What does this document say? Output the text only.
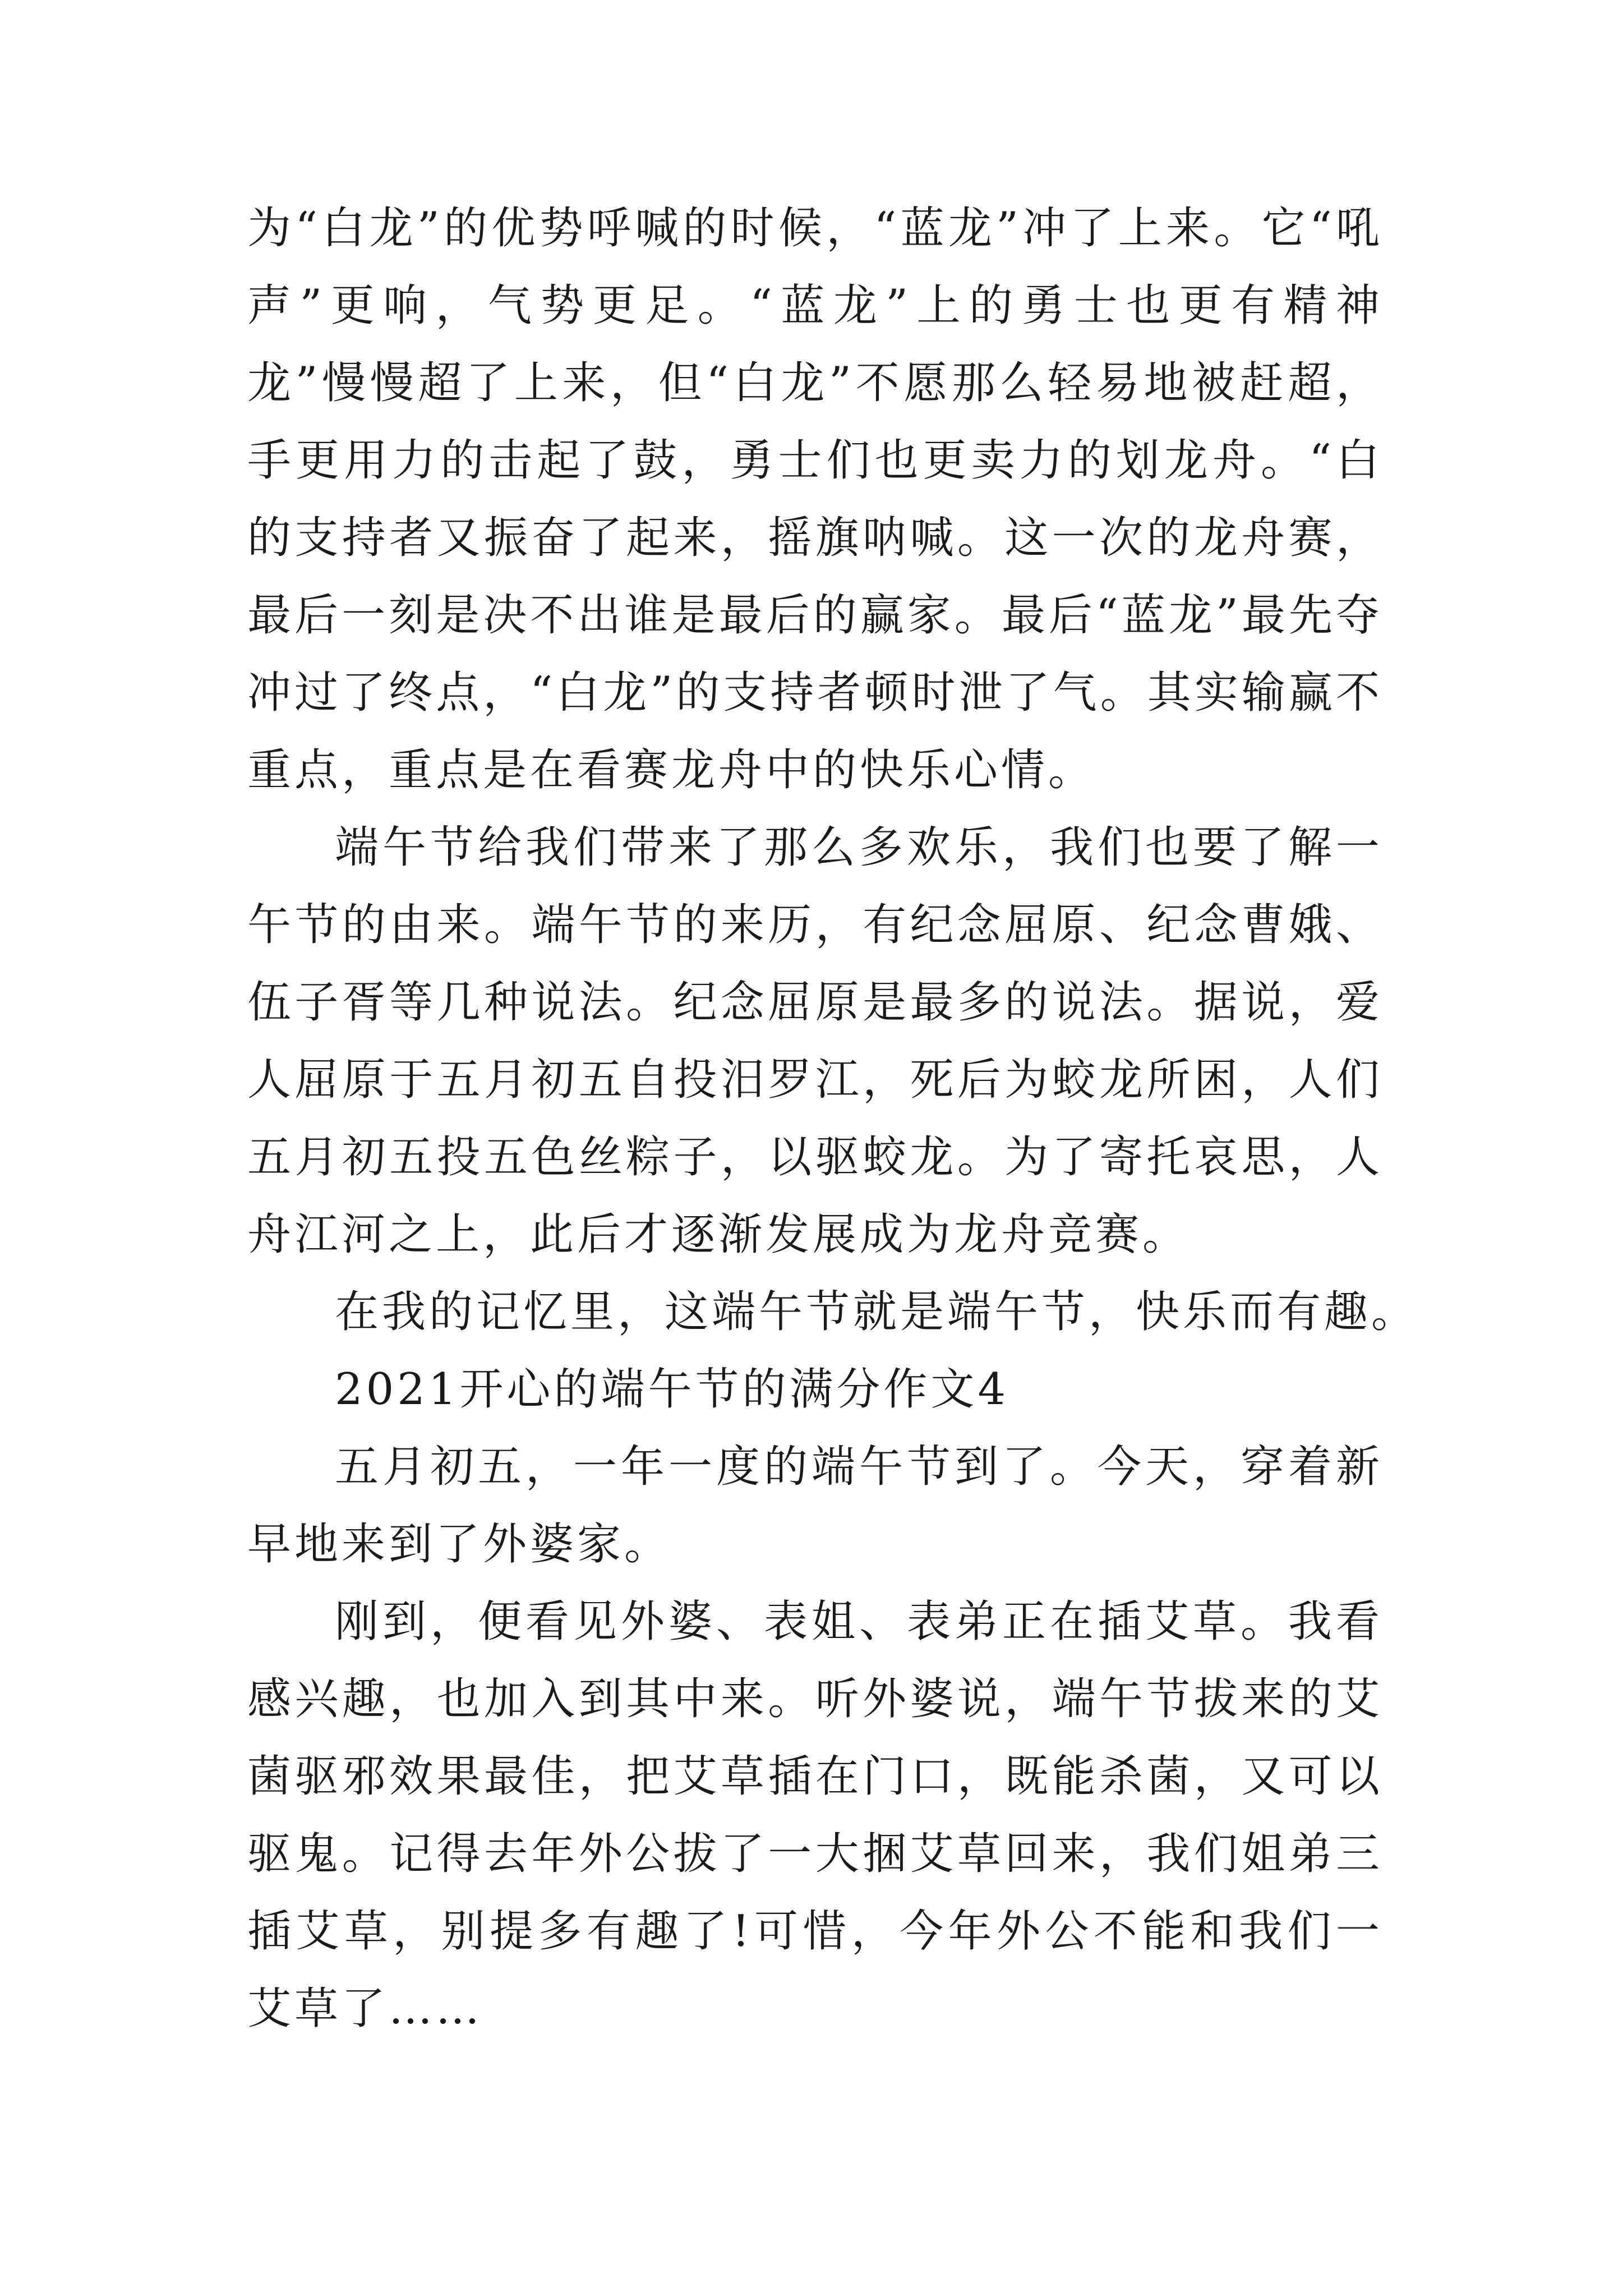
为“白龙”的优势呼喊的时候，“蓝龙”冲了上来。它“吼
声”更响，气势更足。“蓝龙”上的勇士也更有精神
龙”慢慢超了上来，但“白龙”不愿那么轻易地被赶超，
手更用力的击起了鼓，勇士们也更卖力的划龙舟。“白
的支持者又振奋了起来，摇旗呐喊。这一次的龙舟赛，
最后一刻是决不出谁是最后的赢家。最后“蓝龙”最先夺
冲过了终点，“白龙”的支持者顿时泄了气。其实输赢不
重点，重点是在看赛龙舟中的快乐心情。
端午节给我们带来了那么多欢乐，我们也要了解一
午节的由来。端午节的来历，有纪念屈原、纪念曹娥、
伍子胥等几种说法。纪念屈原是最多的说法。据说，爱
人屈原于五月初五自投汨罗江，死后为蛟龙所困，人们
五月初五投五色丝粽子，以驱蛟龙。为了寄托哀思，人
舟江河之上，此后才逐渐发展成为龙舟竞赛。
在我的记忆里，这端午节就是端午节，快乐而有趣。
2021开心的端午节的满分作文4
五月初五，一年一度的端午节到了。今天，穿着新
早地来到了外婆家。
刚到，便看见外婆、表姐、表弟正在插艾草。我看
感兴趣，也加入到其中来。听外婆说，端午节拔来的艾
菌驱邪效果最佳，把艾草插在门口，既能杀菌，又可以
驱鬼。记得去年外公拔了一大捆艾草回来，我们姐弟三
插艾草，别提多有趣了!可惜，今年外公不能和我们一
艾草了……
